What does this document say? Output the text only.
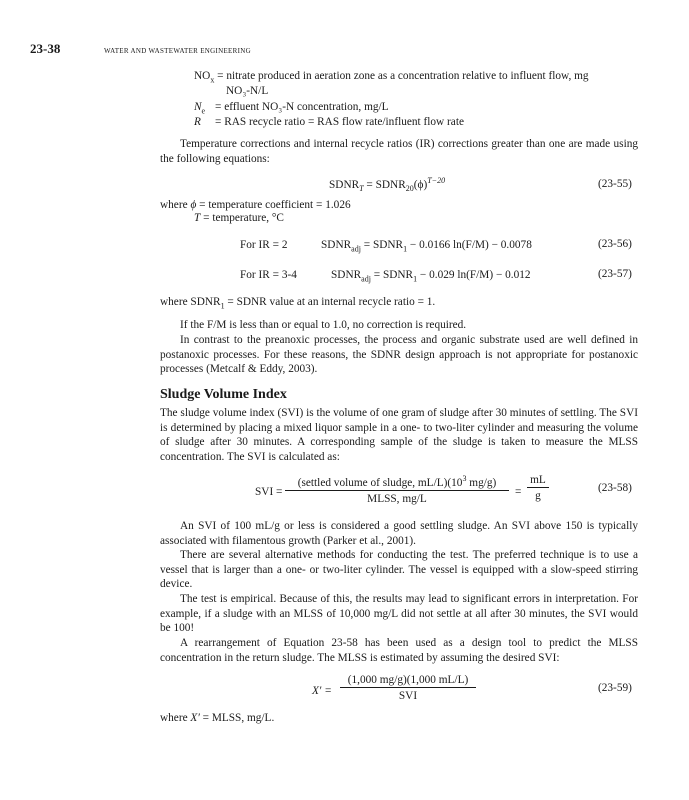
23-38	WATER AND WASTEWATER ENGINEERING
$NO_x$ = nitrate produced in aeration zone as a concentration relative to influent flow, mg
NO₃-N/L
$N_e$ = effluent NO₃-N concentration, mg/L
R = RAS recycle ratio = RAS flow rate/influent flow rate
Temperature corrections and internal recycle ratios (IR) corrections greater than one are made using the following equations:
$SDNR_T$ = $SDNR_{20}(\phi)^{T-20}$	(23-55)
where ϕ = temperature coefficient = 1.026
T = temperature, °C
For IR = 2	$SDNR_{adj}$ = $SDNR_1 - 0.0166$ ln(F/M) − 0.0078	(23-56)
For IR = 3-4	$SDNR_{adj}$ = $SDNR_1 - 0.029$ ln(F/M) − 0.012	(23-57)
where $SDNR_1$ = SDNR value at an internal recycle ratio = 1.
If the F/M is less than or equal to 1.0, no correction is required.
In contrast to the preanoxic processes, the process and organic substrate used are well defined in postanoxic processes. For these reasons, the SDNR design approach is not appropriate for postanoxic processes (Metcalf & Eddy, 2003).
Sludge Volume Index
The sludge volume index (SVI) is the volume of one gram of sludge after 30 minutes of settling. The SVI is determined by placing a mixed liquor sample in a one- to two-liter cylinder and measuring the volume of sludge after 30 minutes. A corresponding sample of the sludge is taken to measure the MLSS concentration. The SVI is calculated as:
SVI =
(settled volume of sludge, $mL/L)(10^3$ mg/g)
MLSS, mg/L
= $\frac{mL}{g}$	(23-58)
An SVI of 100 mL/g or less is considered a good settling sludge. An SVI above 150 is typically associated with filamentous growth (Parker et al., 2001).
There are several alternative methods for conducting the test. The preferred technique is to use a vessel that is larger than a one- or two-liter cylinder. The vessel is equipped with a slow-speed stirring device.
The test is empirical. Because of this, the results may lead to significant errors in interpretation. For example, if a sludge with an MLSS of 10,000 mg/L did not settle at all after 30 minutes, the SVI would be 100!
A rearrangement of Equation 23-58 has been used as a design tool to predict the MLSS concentration in the return sludge. The MLSS is estimated by assuming the desired SVI:
X′ =
(1,000 mg/g)(1,000 mL/L)
SVI
(23-59)
where X′ = MLSS, mg/L.
